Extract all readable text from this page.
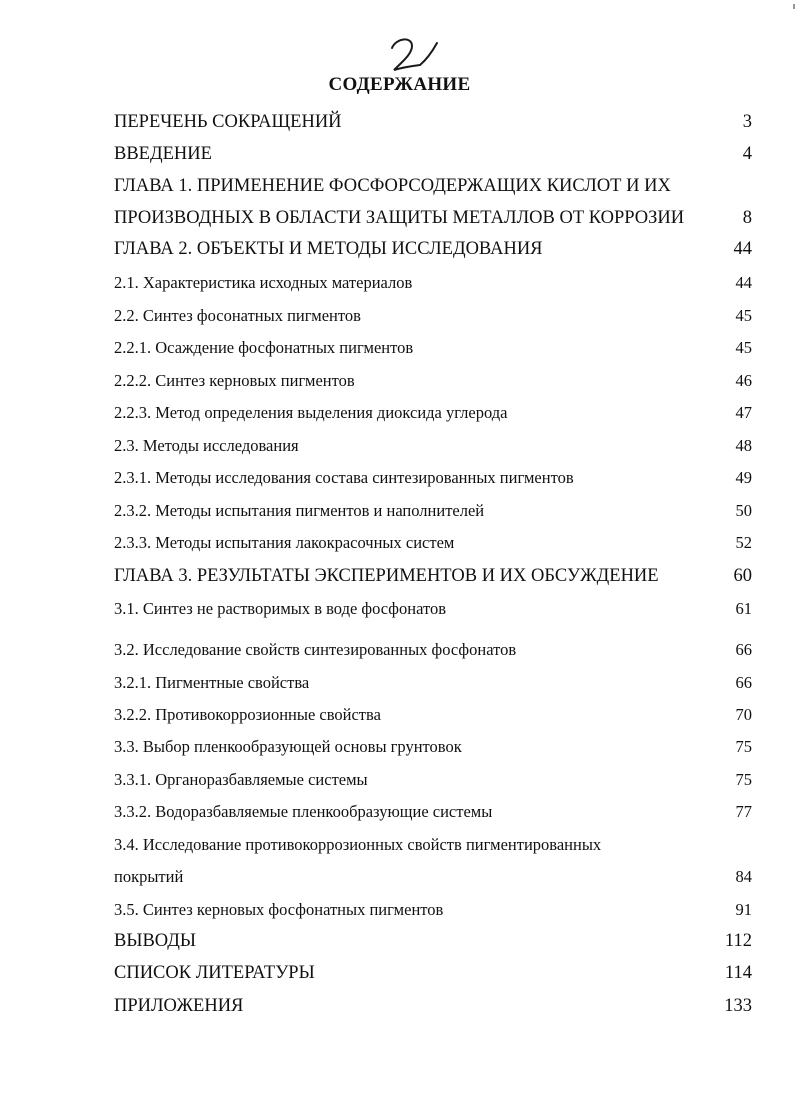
СОДЕРЖАНИЕ
ПЕРЕЧЕНЬ СОКРАЩЕНИЙ	3
ВВЕДЕНИЕ	4
ГЛАВА 1. ПРИМЕНЕНИЕ ФОСФОРСОДЕРЖАЩИХ КИСЛОТ И ИХ
ПРОИЗВОДНЫХ В ОБЛАСТИ ЗАЩИТЫ МЕТАЛЛОВ ОТ КОРРОЗИИ	8
ГЛАВА 2. ОБЪЕКТЫ И МЕТОДЫ ИССЛЕДОВАНИЯ	44
2.1. Характеристика исходных материалов	44
2.2. Синтез фосонатных пигментов	45
2.2.1. Осаждение фосфонатных пигментов	45
2.2.2. Синтез керновых пигментов	46
2.2.3. Метод определения выделения диоксида углерода	47
2.3. Методы исследования	48
2.3.1. Методы исследования состава синтезированных пигментов	49
2.3.2. Методы испытания пигментов и наполнителей	50
2.3.3. Методы испытания лакокрасочных систем	52
ГЛАВА 3. РЕЗУЛЬТАТЫ ЭКСПЕРИМЕНТОВ И ИХ ОБСУЖДЕНИЕ	60
3.1. Синтез не растворимых в воде фосфонатов	61
3.2. Исследование свойств синтезированных фосфонатов	66
3.2.1. Пигментные свойства	66
3.2.2. Противокоррозионные свойства	70
3.3. Выбор пленкообразующей основы грунтовок	75
3.3.1. Органоразбавляемые системы	75
3.3.2. Водоразбавляемые пленкообразующие системы	77
3.4. Исследование противокоррозионных свойств пигментированных
покрытий	84
3.5. Синтез керновых фосфонатных пигментов	91
ВЫВОДЫ	112
СПИСОК ЛИТЕРАТУРЫ	114
ПРИЛОЖЕНИЯ	133
